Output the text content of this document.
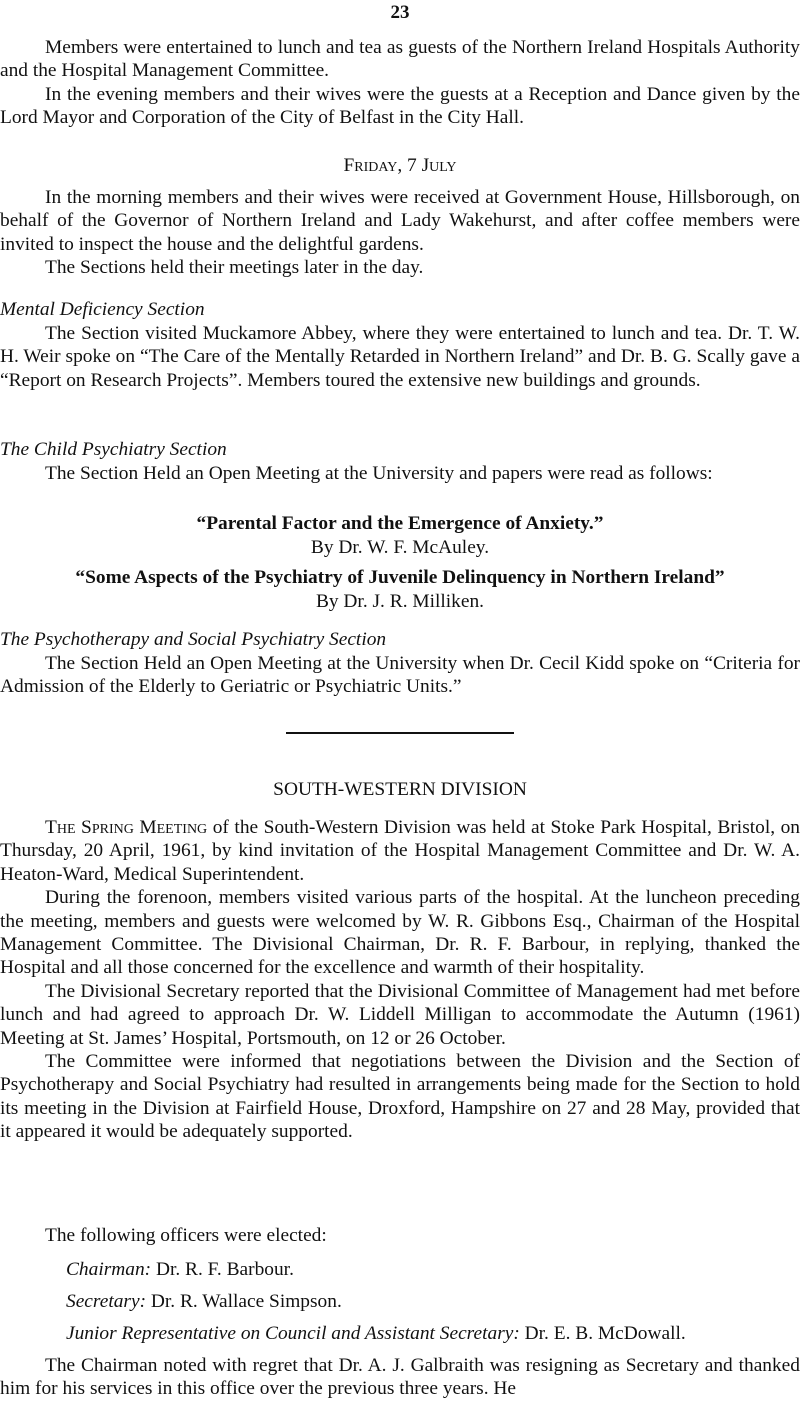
23

Members were entertained to lunch and tea as guests of the Northern Ireland Hospitals Authority and the Hospital Management Committee.

In the evening members and their wives were the guests at a Reception and Dance given by the Lord Mayor and Corporation of the City of Belfast in the City Hall.

Friday, 7 July

In the morning members and their wives were received at Government House, Hillsborough, on behalf of the Governor of Northern Ireland and Lady Wakehurst, and after coffee members were invited to inspect the house and the delightful gardens.

The Sections held their meetings later in the day.

Mental Deficiency Section

The Section visited Muckamore Abbey, where they were entertained to lunch and tea. Dr. T. W. H. Weir spoke on “The Care of the Mentally Retarded in Northern Ireland” and Dr. B. G. Scally gave a “Report on Research Projects”. Members toured the extensive new buildings and grounds.

The Child Psychiatry Section

The Section Held an Open Meeting at the University and papers were read as follows:

“Parental Factor and the Emergence of Anxiety.”
By Dr. W. F. McAuley.
“Some Aspects of the Psychiatry of Juvenile Delinquency in Northern Ireland”
By Dr. J. R. Milliken.
The Psychotherapy and Social Psychiatry Section

The Section Held an Open Meeting at the University when Dr. Cecil Kidd spoke on “Criteria for Admission of the Elderly to Geriatric or Psychiatric Units.”

SOUTH-WESTERN DIVISION

The Spring Meeting of the South-Western Division was held at Stoke Park Hospital, Bristol, on Thursday, 20 April, 1961, by kind invitation of the Hospital Management Committee and Dr. W. A. Heaton-Ward, Medical Superintendent.

During the forenoon, members visited various parts of the hospital. At the luncheon preceding the meeting, members and guests were welcomed by W. R. Gibbons Esq., Chairman of the Hospital Management Committee. The Divisional Chairman, Dr. R. F. Barbour, in replying, thanked the Hospital and all those concerned for the excellence and warmth of their hospitality.

The Divisional Secretary reported that the Divisional Committee of Management had met before lunch and had agreed to approach Dr. W. Liddell Milligan to accommodate the Autumn (1961) Meeting at St. James’ Hospital, Portsmouth, on 12 or 26 October.

The Committee were informed that negotiations between the Division and the Section of Psychotherapy and Social Psychiatry had resulted in arrangements being made for the Section to hold its meeting in the Division at Fairfield House, Droxford, Hampshire on 27 and 28 May, provided that it appeared it would be adequately supported.

The following officers were elected:

Chairman: Dr. R. F. Barbour.

Secretary: Dr. R. Wallace Simpson.

Junior Representative on Council and Assistant Secretary: Dr. E. B. McDowall.

The Chairman noted with regret that Dr. A. J. Galbraith was resigning as Secretary and thanked him for his services in this office over the previous three years. He
